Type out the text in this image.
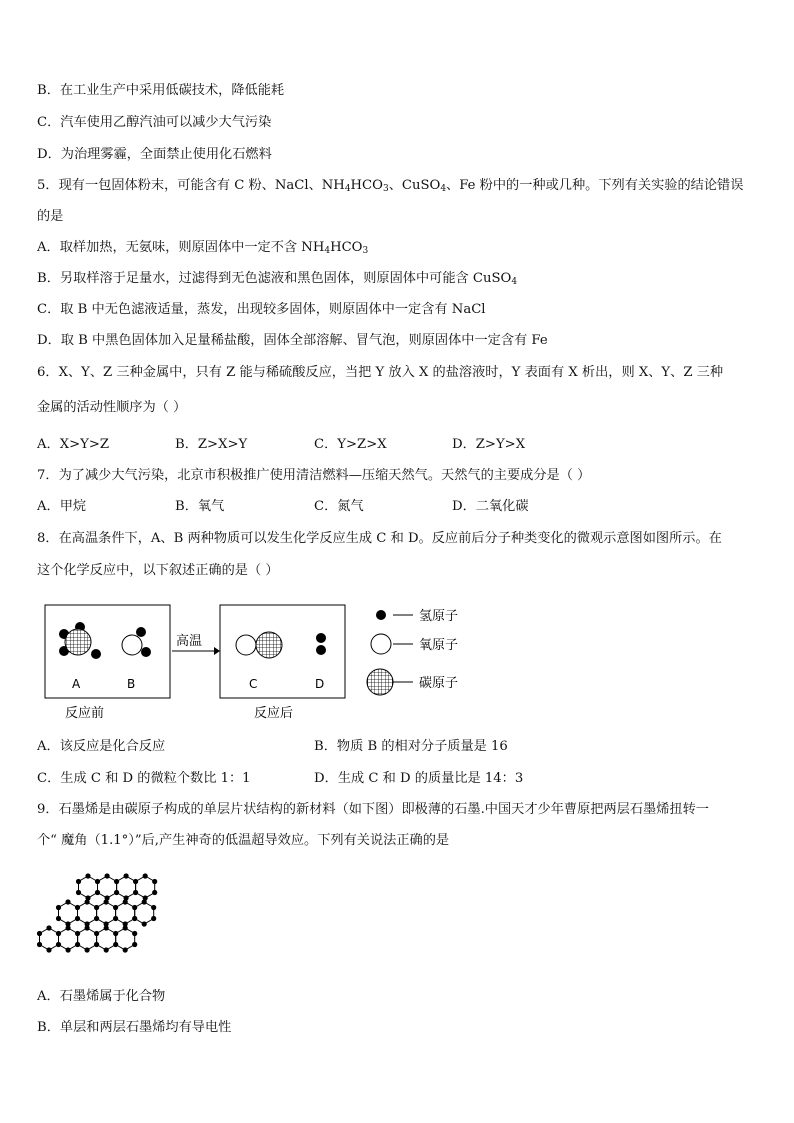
B．在工业生产中采用低碳技术，降低能耗
C．汽车使用乙醇汽油可以减少大气污染
D．为治理雾霾，全面禁止使用化石燃料
5．现有一包固体粉末，可能含有 C 粉、NaCl、$NH_4HCO_3$、CuSO$_4$、Fe 粉中的一种或几种。下列有关实验的结论错误
的是
A．取样加热，无氨味，则原固体中一定不含 $NH_4HCO_3$
B．另取样溶于足量水，过滤得到无色滤液和黑色固体，则原固体中可能含 CuSO$_4$
C．取 B 中无色滤液适量，蒸发，出现较多固体，则原固体中一定含有 NaCl
D．取 B 中黑色固体加入足量稀盐酸，固体全部溶解、冒气泡，则原固体中一定含有 Fe
6．X、Y、Z 三种金属中，只有 Z 能与稀硫酸反应，当把 Y 放入 X 的盐溶液时，Y 表面有 X 析出，则 X、Y、Z 三种
金属的活动性顺序为（ ）
A．X>Y>Z	B．Z>X>Y	C．Y>Z>X	D．Z>Y>X
7．为了减少大气污染，北京市积极推广使用清洁燃料—压缩天然气。天然气的主要成分是（ ）
A．甲烷	B．氧气	C．氮气	D．二氧化碳
8．在高温条件下，A、B 两种物质可以发生化学反应生成 C 和 D。反应前后分子种类变化的微观示意图如图所示。在
这个化学反应中，以下叙述正确的是（ ）
A	B
高温
C	D
氢原子
氧原子
碳原子
反应前	反应后
A．该反应是化合反应	B．物质 B 的相对分子质量是 16
C．生成 C 和 D 的微粒个数比 1：1	D．生成 C 和 D 的质量比是 14：3
9．石墨烯是由碳原子构成的单层片状结构的新材料（如下图）即极薄的石墨.中国天才少年曹原把两层石墨烯扭转一
个“ 魔角（1.1°）”后,产生神奇的低温超导效应。下列有关说法正确的是
A．石墨烯属于化合物
B．单层和两层石墨烯均有导电性
